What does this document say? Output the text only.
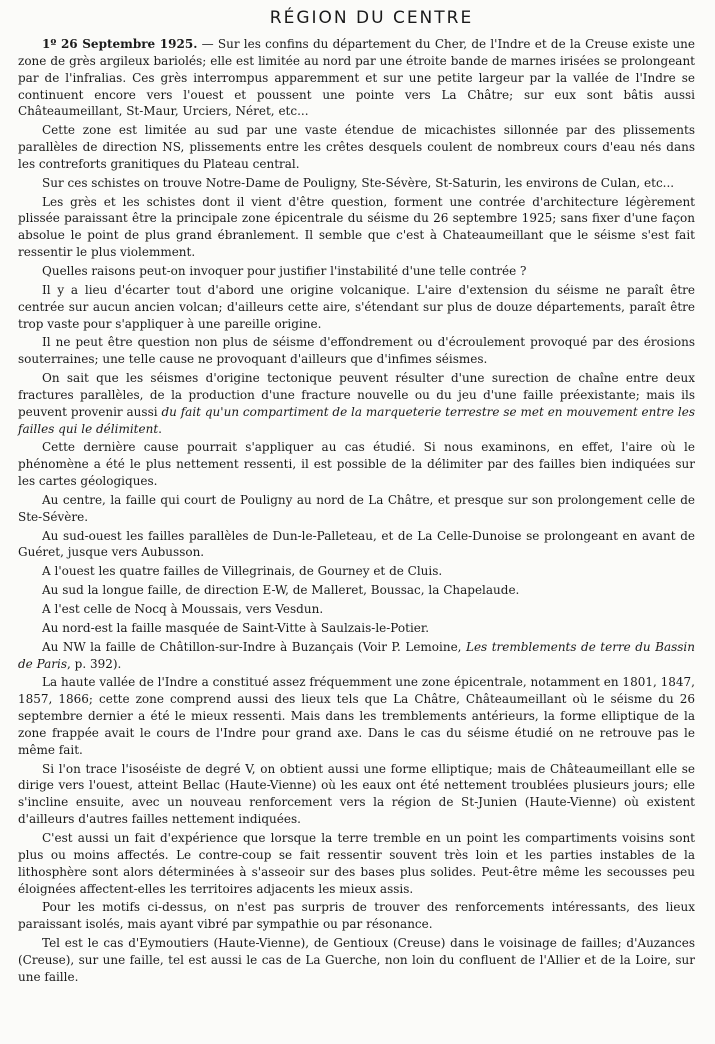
RÉGION DU CENTRE

1º 26 Septembre 1925. — Sur les confins du département du Cher, de l'Indre et de la Creuse existe une zone de grès argileux bariolés; elle est limitée au nord par une étroite bande de marnes irisées se prolongeant par de l'infralias. Ces grès interrompus apparemment et sur une petite largeur par la vallée de l'Indre se continuent encore vers l'ouest et poussent une pointe vers La Châtre; sur eux sont bâtis aussi Châteaumeillant, St-Maur, Urciers, Néret, etc...

Cette zone est limitée au sud par une vaste étendue de micachistes sillonnée par des plissements parallèles de direction NS, plissements entre les crêtes desquels coulent de nombreux cours d'eau nés dans les contreforts granitiques du Plateau central.

Sur ces schistes on trouve Notre-Dame de Pouligny, Ste-Sévère, St-Saturin, les environs de Culan, etc...

Les grès et les schistes dont il vient d'être question, forment une contrée d'architecture légèrement plissée paraissant être la principale zone épicentrale du séisme du 26 septembre 1925; sans fixer d'une façon absolue le point de plus grand ébranlement. Il semble que c'est à Chateaumeillant que le séisme s'est fait ressentir le plus violemment.

Quelles raisons peut-on invoquer pour justifier l'instabilité d'une telle contrée ?

Il y a lieu d'écarter tout d'abord une origine volcanique. L'aire d'extension du séisme ne paraît être centrée sur aucun ancien volcan; d'ailleurs cette aire, s'étendant sur plus de douze départements, paraît être trop vaste pour s'appliquer à une pareille origine.

Il ne peut être question non plus de séisme d'effondrement ou d'écroulement provoqué par des érosions souterraines; une telle cause ne provoquant d'ailleurs que d'infimes séismes.

On sait que les séismes d'origine tectonique peuvent résulter d'une surection de chaîne entre deux fractures parallèles, de la production d'une fracture nouvelle ou du jeu d'une faille préexistante; mais ils peuvent provenir aussi du fait qu'un compartiment de la marqueterie terrestre se met en mouvement entre les failles qui le délimitent.

Cette dernière cause pourrait s'appliquer au cas étudié. Si nous examinons, en effet, l'aire où le phénomène a été le plus nettement ressenti, il est possible de la délimiter par des failles bien indiquées sur les cartes géologiques.

Au centre, la faille qui court de Pouligny au nord de La Châtre, et presque sur son prolongement celle de Ste-Sévère.

Au sud-ouest les failles parallèles de Dun-le-Palleteau, et de La Celle-Dunoise se prolongeant en avant de Guéret, jusque vers Aubusson.

A l'ouest les quatre failles de Villegrinais, de Gourney et de Cluis.

Au sud la longue faille, de direction E-W, de Malleret, Boussac, la Chapelaude.

A l'est celle de Nocq à Moussais, vers Vesdun.

Au nord-est la faille masquée de Saint-Vitte à Saulzais-le-Potier.

Au NW la faille de Châtillon-sur-Indre à Buzançais (Voir P. Lemoine, Les tremblements de terre du Bassin de Paris, p. 392).

La haute vallée de l'Indre a constitué assez fréquemment une zone épicentrale, notamment en 1801, 1847, 1857, 1866; cette zone comprend aussi des lieux tels que La Châtre, Châteaumeillant où le séisme du 26 septembre dernier a été le mieux ressenti. Mais dans les tremblements antérieurs, la forme elliptique de la zone frappée avait le cours de l'Indre pour grand axe. Dans le cas du séisme étudié on ne retrouve pas le même fait.

Si l'on trace l'isoséiste de degré V, on obtient aussi une forme elliptique; mais de Châteaumeillant elle se dirige vers l'ouest, atteint Bellac (Haute-Vienne) où les eaux ont été nettement troublées plusieurs jours; elle s'incline ensuite, avec un nouveau renforcement vers la région de St-Junien (Haute-Vienne) où existent d'ailleurs d'autres failles nettement indiquées.

C'est aussi un fait d'expérience que lorsque la terre tremble en un point les compartiments voisins sont plus ou moins affectés. Le contre-coup se fait ressentir souvent très loin et les parties instables de la lithosphère sont alors déterminées à s'asseoir sur des bases plus solides. Peut-être même les secousses peu éloignées affectent-elles les territoires adjacents les mieux assis.

Pour les motifs ci-dessus, on n'est pas surpris de trouver des renforcements intéressants, des lieux paraissant isolés, mais ayant vibré par sympathie ou par résonance.

Tel est le cas d'Eymoutiers (Haute-Vienne), de Gentioux (Creuse) dans le voisinage de failles; d'Auzances (Creuse), sur une faille, tel est aussi le cas de La Guerche, non loin du confluent de l'Allier et de la Loire, sur une faille.
